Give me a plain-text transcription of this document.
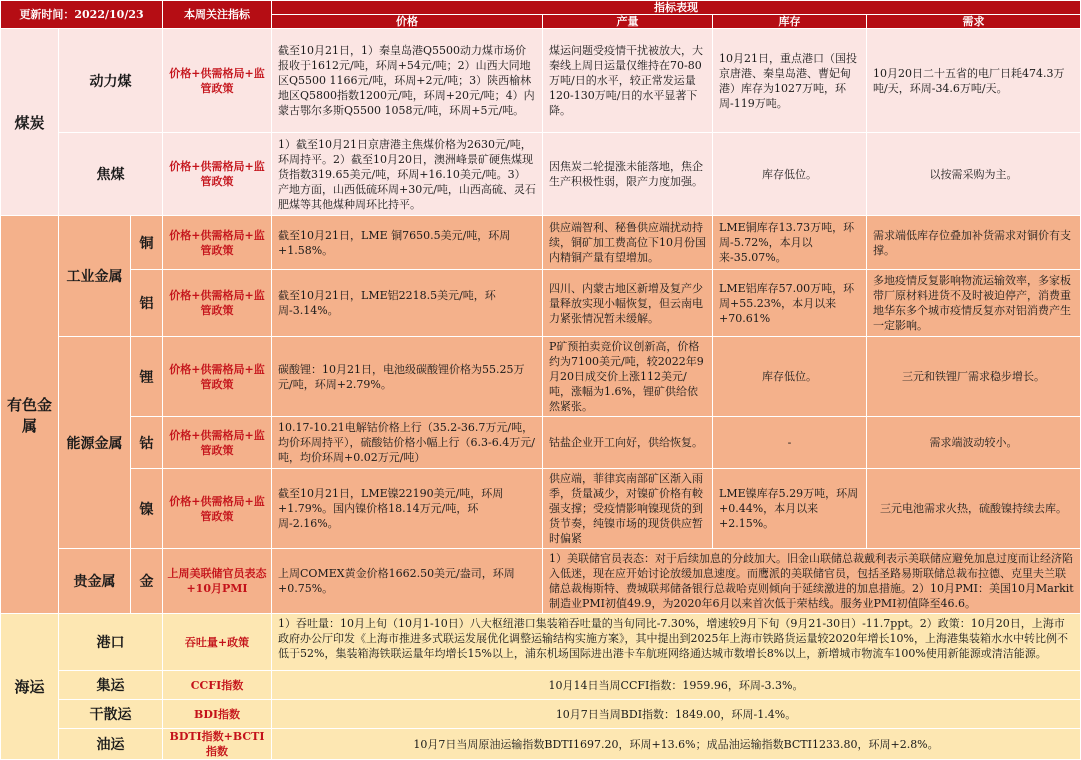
更新时间：2022/10/23			本周关注指标	指标表现			
				价格	产量	库存	需求
煤炭	动力煤		价格+供需格局+监管政策	截至10月21日，1）秦皇岛港Q5500动力煤市场价报收于1612元/吨，环周+54元/吨；2）山西大同地区Q5500 1166元/吨，环周+2元/吨；3）陕西榆林地区Q5800指数1200元/吨，环周+20元/吨；4）内蒙古鄂尔多斯Q5500 1058元/吨，环周+5元/吨。	煤运问题受疫情干扰被放大，大秦线上周日运量仅维持在70-80万吨/日的水平，较正常发运量120-130万吨/日的水平显著下降。	10月21日，重点港口（国投京唐港、秦皇岛港、曹妃甸港）库存为1027万吨，环周-119万吨。	10月20日二十五省的电厂日耗474.3万吨/天，环周-34.6万吨/天。
	焦煤		价格+供需格局+监管政策	1）截至10月21日京唐港主焦煤价格为2630元/吨，环周持平。2）截至10月20日，澳洲峰景矿硬焦煤现货指数319.65美元/吨，环周+16.10美元/吨。3）产地方面，山西低硫环周+30元/吨，山西高硫、灵石肥煤等其他煤种周环比持平。	因焦炭二轮提涨未能落地，焦企生产积极性弱，限产力度加强。	库存低位。	以按需采购为主。
有色金属	工业金属	铜	价格+供需格局+监管政策	截至10月21日，LME 铜7650.5美元/吨，环周+1.58%。	供应端智利、秘鲁供应端扰动持续，铜矿加工费高位下10月份国内精铜产量有望增加。	LME铜库存13.73万吨，环周-5.72%，本月以来-35.07%。	需求端低库存位叠加补货需求对铜价有支撑。
		铝	价格+供需格局+监管政策	截至10月21日，LME铝2218.5美元/吨，环周-3.14%。	四川、内蒙古地区新增及复产少量释放实现小幅恢复，但云南电力紧张情况暂未缓解。	LME铝库存57.00万吨，环周+55.23%，本月以来+70.61%	多地疫情反复影响物流运输效率，多家板带厂原材料进货不及时被迫停产，消费重地华东多个城市疫情反复亦对铝消费产生一定影响。
	能源金属	锂	价格+供需格局+监管政策	碳酸锂：10月21日，电池级碳酸锂价格为55.25万元/吨，环周+2.79%。	P矿预拍卖竞价议创新高，价格约为7100美元/吨，较2022年9月20日成交价上涨112美元/吨，涨幅为1.6%，锂矿供给依然紧张。	库存低位。	三元和铁锂厂需求稳步增长。
		钴	价格+供需格局+监管政策	10.17-10.21电解钴价格上行（35.2-36.7万元/吨，均价环周持平），硫酸钴价格小幅上行（6.3-6.4万元/吨，均价环周+0.02万元/吨）	钴盐企业开工向好，供给恢复。	-	需求端波动较小。
		镍	价格+供需格局+监管政策	截至10月21日，LME镍22190美元/吨，环周+1.79%。国内镍价格18.14万元/吨，环周-2.16%。	供应端，菲律宾南部矿区渐入雨季，货量减少，对镍矿价格有較强支撑；受疫情影响镍现货的到货节奏，纯镍市场的现货供应暂时偏紧	LME镍库存5.29万吨，环周+0.44%，本月以来+2.15%。	三元电池需求火热，硫酸镍持续去库。
	贵金属	金	上周美联储官员表态+10月PMI	上周COMEX黄金价格1662.50美元/盎司，环周+0.75%。	1）美联储官员表态：对于后续加息的分歧加大。旧金山联储总裁戴利表示美联储应避免加息过度而让经济陷入低迷，现在应开始讨论放缓加息速度。而鹰派的美联储官员，包括圣路易斯联储总裁布拉德、克里夫兰联储总裁梅斯特、费城联邦储备银行总裁哈克则倾向于延续激进的加息措施。2）10月PMI：美国10月Markit制造业PMI初值49.9，为2020年6月以来首次低于荣枯线。服务业PMI初值降至46.6。		
海运	港口		吞吐量+政策	1）吞吐量：10月上旬（10月1-10日）八大枢纽港口集装箱吞吐量的当旬同比-7.30%，增速较9月下旬（9月21-30日）-11.7ppt。2）政策：10月20日，上海市政府办公厅印发《上海市推进多式联运发展优化调整运输结构实施方案》，其中提出到2025年上海市铁路货运量较2020年增长10%，上海港集装箱水水中转比例不低于52%，集装箱海铁联运量年均增长15%以上，浦东机场国际进出港卡车航班网络通达城市数增长8%以上，新增城市物流车100%使用新能源或清洁能源。			

	集运		CCFI指数	10月14日当周CCFI指数：1959.96，环周-3.3%。			
	干散运		BDI指数	10月7日当周BDI指数：1849.00，环周-1.4%。			
	油运		BDTI指数+BCTI指数	10月7日当周原油运输指数BDTI1697.20，环周+13.6%；成品油运输指数BCTI1233.80，环周+2.8%。			
